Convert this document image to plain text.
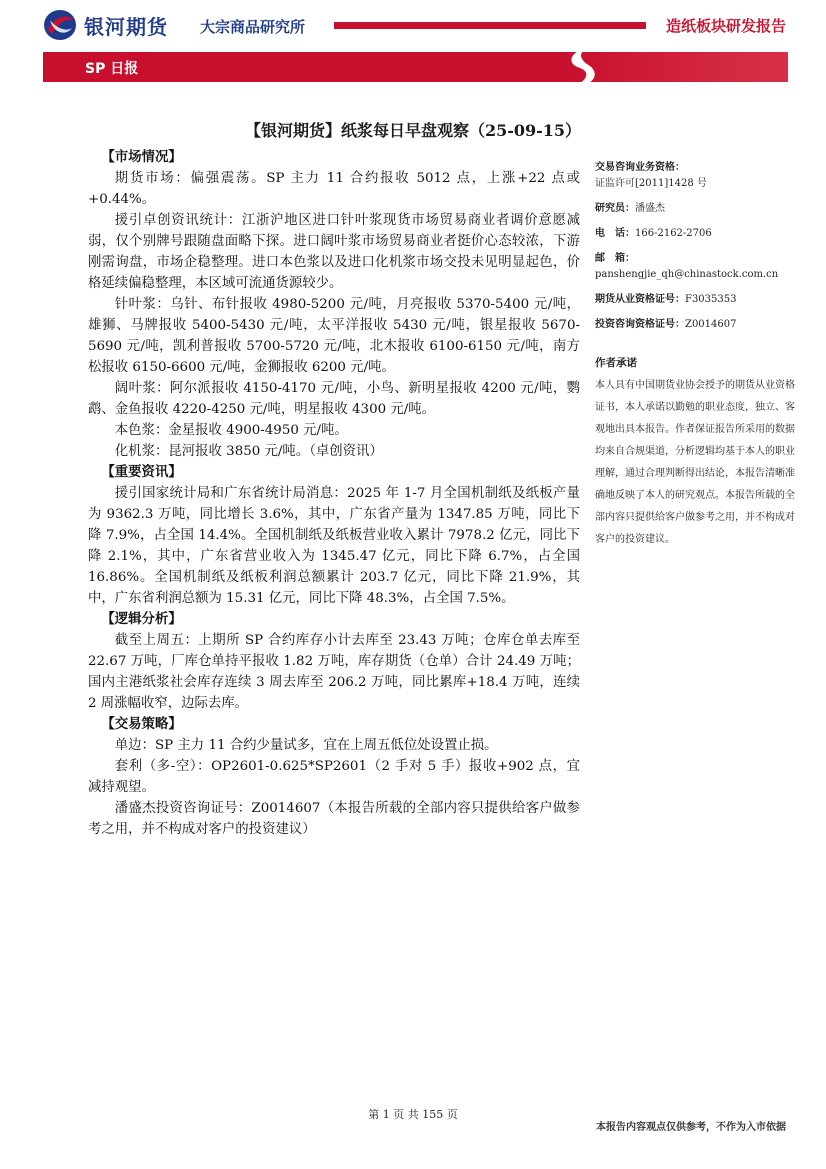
银河期货 大宗商品研究所	造纸板块研发报告
SP 日报
【银河期货】纸浆每日早盘观察（25-09-15）

【市场情况】

期货市场：偏强震荡。SP 主力 11 合约报收 5012 点，上涨+22 点或+0.44%。

援引卓创资讯统计：江浙沪地区进口针叶浆现货市场贸易商业者调价意愿减弱，仅个别牌号跟随盘面略下探。进口阔叶浆市场贸易商业者挺价心态较浓，下游刚需询盘，市场企稳整理。进口本色浆以及进口化机浆市场交投未见明显起色，价格延续偏稳整理，本区域可流通货源较少。

针叶浆：乌针、布针报收 4980-5200 元/吨，月亮报收 5370-5400 元/吨，雄狮、马牌报收 5400-5430 元/吨，太平洋报收 5430 元/吨，银星报收 5670-5690 元/吨，凯利普报收 5700-5720 元/吨，北木报收 6100-6150 元/吨，南方松报收 6150-6600 元/吨，金狮报收 6200 元/吨。

阔叶浆：阿尔派报收 4150-4170 元/吨，小鸟、新明星报收 4200 元/吨，鹦鹉、金鱼报收 4220-4250 元/吨，明星报收 4300 元/吨。

本色浆：金星报收 4900-4950 元/吨。

化机浆：昆河报收 3850 元/吨。（卓创资讯）

【重要资讯】

援引国家统计局和广东省统计局消息：2025 年 1-7 月全国机制纸及纸板产量为 9362.3 万吨，同比增长 3.6%，其中，广东省产量为 1347.85 万吨，同比下降 7.9%，占全国 14.4%。全国机制纸及纸板营业收入累计 7978.2 亿元，同比下降 2.1%，其中，广东省营业收入为 1345.47 亿元，同比下降 6.7%，占全国 16.86%。全国机制纸及纸板利润总额累计 203.7 亿元，同比下降 21.9%，其中，广东省利润总额为 15.31 亿元，同比下降 48.3%，占全国 7.5%。

【逻辑分析】

截至上周五：上期所 SP 合约库存小计去库至 23.43 万吨；仓库仓单去库至 22.67 万吨，厂库仓单持平报收 1.82 万吨，库存期货（仓单）合计 24.49 万吨；国内主港纸浆社会库存连续 3 周去库至 206.2 万吨，同比累库+18.4 万吨，连续 2 周涨幅收窄，边际去库。

【交易策略】

单边：SP 主力 11 合约少量试多，宜在上周五低位处设置止损。

套利（多-空）：OP2601-0.625*SP2601（2 手对 5 手）报收+902 点，宜减持观望。

潘盛杰投资咨询证号：Z0014607（本报告所载的全部内容只提供给客户做参考之用，并不构成对客户的投资建议）

交易咨询业务资格：
证监许可[2011]1428 号
研究员：潘盛杰
电　话：166-2162-2706
邮　箱：
panshengjie_qh@chinastock.com.cn
期货从业资格证号：F3035353
投资咨询资格证号：Z0014607
作者承诺
本人具有中国期货业协会授予的期货从业资格证书，本人承诺以勤勉的职业态度，独立、客观地出具本报告。作者保证报告所采用的数据均来自合规渠道，分析逻辑均基于本人的职业理解，通过合理判断得出结论，本报告清晰准确地反映了本人的研究观点。本报告所载的全部内容只提供给客户做参考之用，并不构成对客户的投资建议。
第 1 页 共 155 页
本报告内容观点仅供参考，不作为入市依据
